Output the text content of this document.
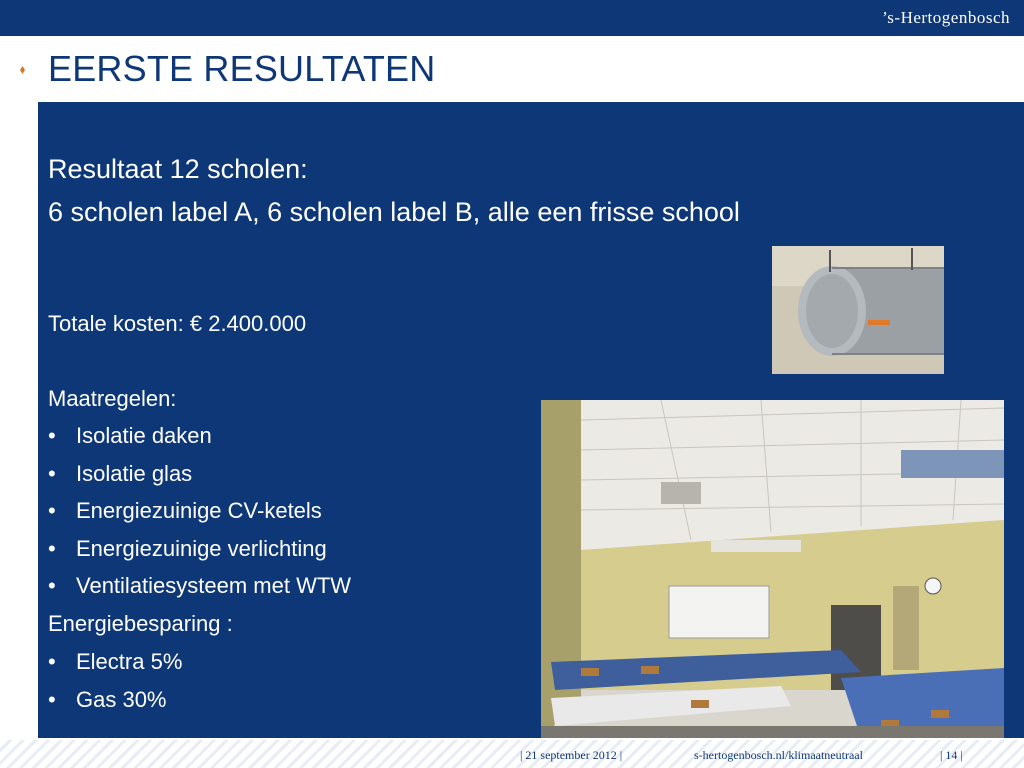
’s-Hertogenbosch
EERSTE RESULTATEN
Resultaat 12 scholen:
6 scholen label A, 6 scholen label B, alle een frisse school
Totale kosten: € 2.400.000
Maatregelen:
• Isolatie daken
• Isolatie glas
• Energiezuinige CV-ketels
• Energiezuinige verlichting
• Ventilatiesysteem met WTW
Energiebesparing :
• Electra 5%
• Gas 30%
| 21 september 2012 |	s-hertogenbosch.nl/klimaatneutraal	| 14 |
